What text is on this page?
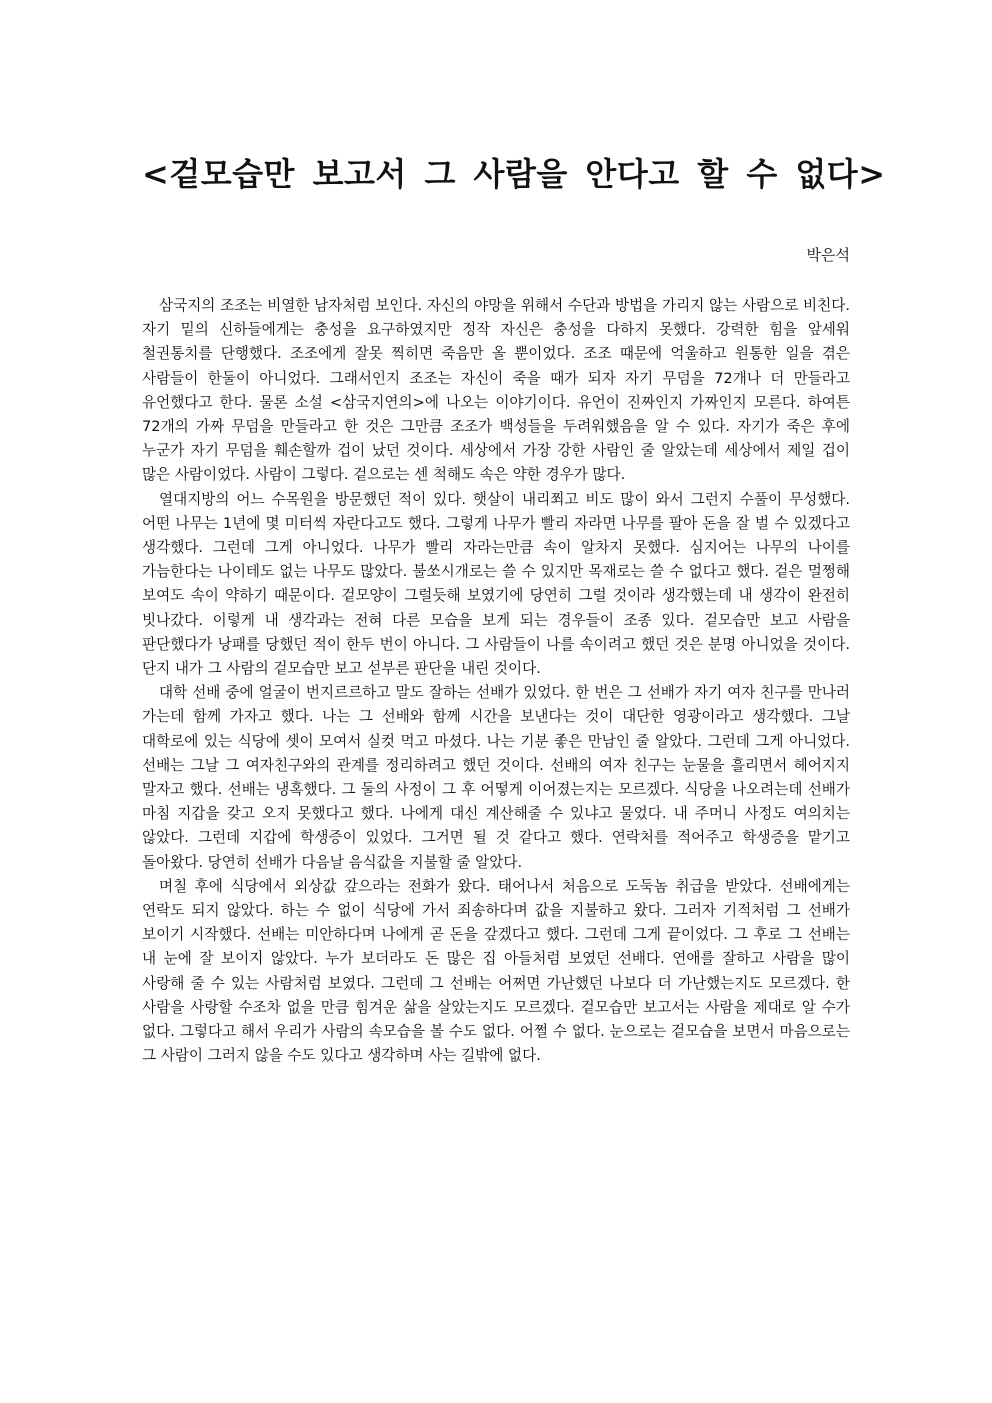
<겉모습만 보고서 그 사람을 안다고 할 수 없다>
박은석

삼국지의 조조는 비열한 남자처럼 보인다. 자신의 야망을 위해서 수단과 방법을 가리지 않는 사람으로 비친다. 자기 밑의 신하들에게는 충성을 요구하였지만 정작 자신은 충성을 다하지 못했다. 강력한 힘을 앞세워 철권통치를 단행했다. 조조에게 잘못 찍히면 죽음만 올 뿐이었다. 조조 때문에 억울하고 원통한 일을 겪은 사람들이 한둘이 아니었다. 그래서인지 조조는 자신이 죽을 때가 되자 자기 무덤을 72개나 더 만들라고 유언했다고 한다. 물론 소설 <삼국지연의>에 나오는 이야기이다. 유언이 진짜인지 가짜인지 모른다. 하여튼 72개의 가짜 무덤을 만들라고 한 것은 그만큼 조조가 백성들을 두려워했음을 알 수 있다. 자기가 죽은 후에 누군가 자기 무덤을 훼손할까 겁이 났던 것이다. 세상에서 가장 강한 사람인 줄 알았는데 세상에서 제일 겁이 많은 사람이었다. 사람이 그렇다. 겉으로는 센 척해도 속은 약한 경우가 많다.

열대지방의 어느 수목원을 방문했던 적이 있다. 햇살이 내리쬐고 비도 많이 와서 그런지 수풀이 무성했다. 어떤 나무는 1년에 몇 미터씩 자란다고도 했다. 그렇게 나무가 빨리 자라면 나무를 팔아 돈을 잘 벌 수 있겠다고 생각했다. 그런데 그게 아니었다. 나무가 빨리 자라는만큼 속이 알차지 못했다. 심지어는 나무의 나이를 가늠한다는 나이테도 없는 나무도 많았다. 불쏘시개로는 쓸 수 있지만 목재로는 쓸 수 없다고 했다. 겉은 멀쩡해 보여도 속이 약하기 때문이다. 겉모양이 그럴듯해 보였기에 당연히 그럴 것이라 생각했는데 내 생각이 완전히 빗나갔다. 이렇게 내 생각과는 전혀 다른 모습을 보게 되는 경우들이 조종 있다. 겉모습만 보고 사람을 판단했다가 낭패를 당했던 적이 한두 번이 아니다. 그 사람들이 나를 속이려고 했던 것은 분명 아니었을 것이다. 단지 내가 그 사람의 겉모습만 보고 섣부른 판단을 내린 것이다.

대학 선배 중에 얼굴이 번지르르하고 말도 잘하는 선배가 있었다. 한 번은 그 선배가 자기 여자 친구를 만나러 가는데 함께 가자고 했다. 나는 그 선배와 함께 시간을 보낸다는 것이 대단한 영광이라고 생각했다. 그날 대학로에 있는 식당에 셋이 모여서 실컷 먹고 마셨다. 나는 기분 좋은 만남인 줄 알았다. 그런데 그게 아니었다. 선배는 그날 그 여자친구와의 관계를 정리하려고 했던 것이다. 선배의 여자 친구는 눈물을 흘리면서 헤어지지 말자고 했다. 선배는 냉혹했다. 그 둘의 사정이 그 후 어떻게 이어졌는지는 모르겠다. 식당을 나오려는데 선배가 마침 지갑을 갖고 오지 못했다고 했다. 나에게 대신 계산해줄 수 있냐고 물었다. 내 주머니 사정도 여의치는 않았다. 그런데 지갑에 학생증이 있었다. 그거면 될 것 같다고 했다. 연락처를 적어주고 학생증을 맡기고 돌아왔다. 당연히 선배가 다음날 음식값을 지불할 줄 알았다.

며칠 후에 식당에서 외상값 갚으라는 전화가 왔다. 태어나서 처음으로 도둑놈 취급을 받았다. 선배에게는 연락도 되지 않았다. 하는 수 없이 식당에 가서 죄송하다며 값을 지불하고 왔다. 그러자 기적처럼 그 선배가 보이기 시작했다. 선배는 미안하다며 나에게 곧 돈을 갚겠다고 했다. 그런데 그게 끝이었다. 그 후로 그 선배는 내 눈에 잘 보이지 않았다. 누가 보더라도 돈 많은 집 아들처럼 보였던 선배다. 연애를 잘하고 사람을 많이 사랑해 줄 수 있는 사람처럼 보였다. 그런데 그 선배는 어쩌면 가난했던 나보다 더 가난했는지도 모르겠다. 한 사람을 사랑할 수조차 없을 만큼 힘겨운 삶을 살았는지도 모르겠다. 겉모습만 보고서는 사람을 제대로 알 수가 없다. 그렇다고 해서 우리가 사람의 속모습을 볼 수도 없다. 어쩔 수 없다. 눈으로는 겉모습을 보면서 마음으로는 그 사람이 그러지 않을 수도 있다고 생각하며 사는 길밖에 없다.
